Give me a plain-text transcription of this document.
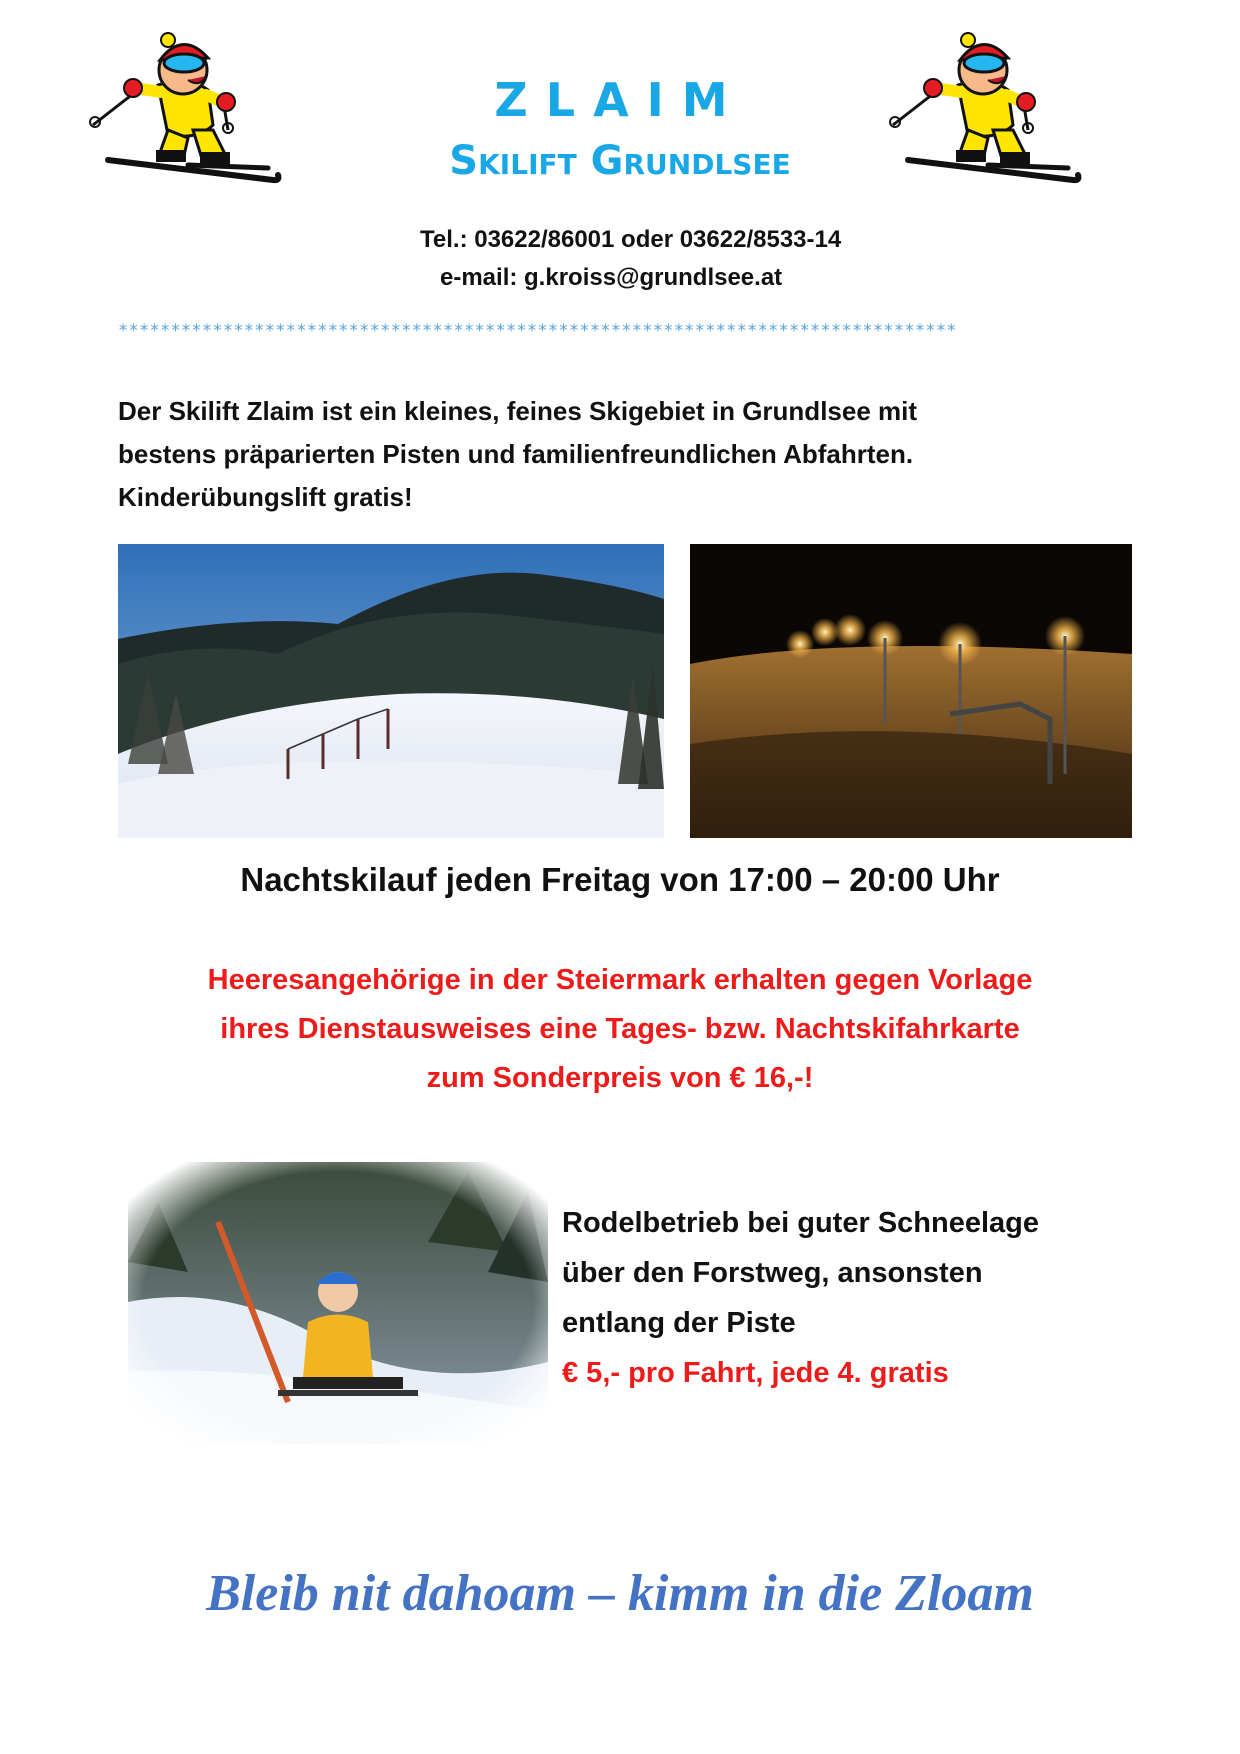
ZLAIM
Skilift Grundlsee
Tel.: 03622/86001 oder 03622/8533-14
e-mail: g.kroiss@grundlsee.at
********************************************************************************

Der Skilift Zlaim ist ein kleines, feines Skigebiet in Grundlsee mit

bestens präparierten Pisten und familienfreundlichen Abfahrten.

Kinderübungslift gratis!

Nachtskilauf jeden Freitag von 17:00 – 20:00 Uhr

Heeresangehörige in der Steiermark erhalten gegen Vorlage

ihres Dienstausweises eine Tages- bzw. Nachtskifahrkarte

zum Sonderpreis von € 16,-!

Rodelbetrieb bei guter Schneelage

über den Forstweg, ansonsten

entlang der Piste

€ 5,- pro Fahrt, jede 4. gratis

Bleib nit dahoam – kimm in die Zloam
